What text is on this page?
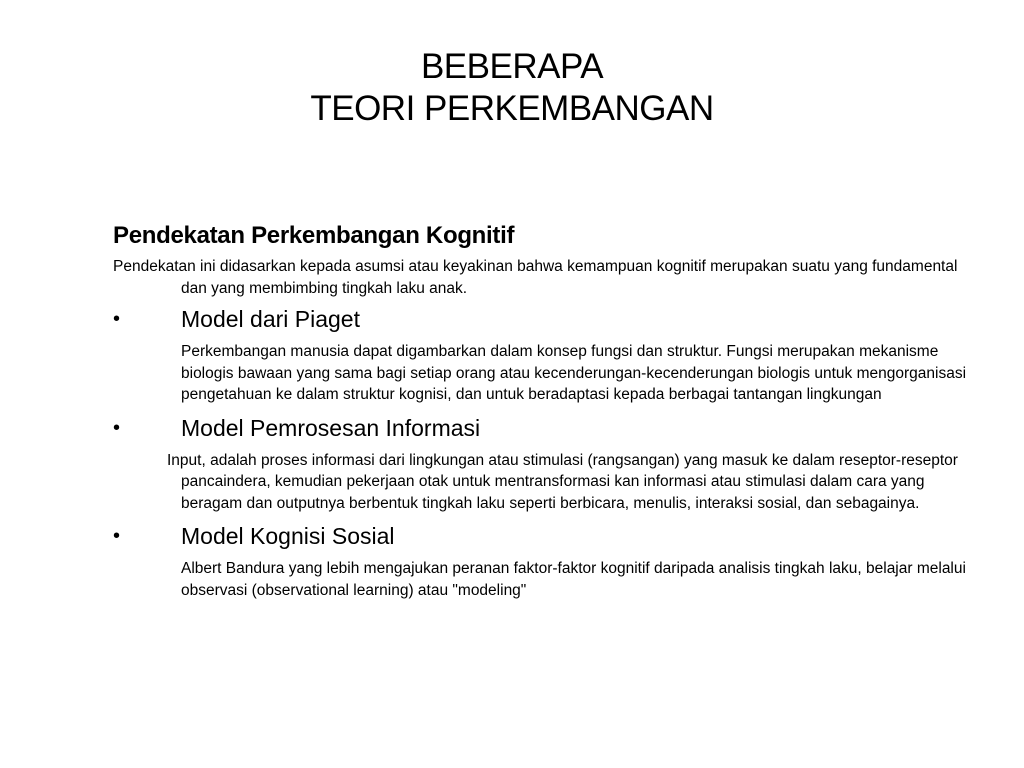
BEBERAPA
TEORI PERKEMBANGAN
Pendekatan Perkembangan Kognitif
Pendekatan ini didasarkan kepada asumsi atau keyakinan bahwa kemampuan kognitif merupakan suatu yang fundamental dan yang membimbing tingkah laku anak.
•	Model dari Piaget
Perkembangan manusia dapat digambarkan dalam konsep fungsi dan struktur. Fungsi merupakan mekanisme biologis bawaan yang sama bagi setiap orang atau kecenderungan-kecenderungan biologis untuk mengorganisasi pengetahuan ke dalam struktur kognisi, dan untuk beradaptasi kepada berbagai tantangan lingkungan
•	Model Pemrosesan Informasi
Input, adalah proses informasi dari lingkungan atau stimulasi (rangsangan) yang masuk ke dalam reseptor-reseptor pancaindera, kemudian pekerjaan otak untuk mentransformasi kan informasi atau stimulasi dalam cara yang beragam dan outputnya berbentuk tingkah laku seperti berbicara, menulis, interaksi sosial, dan sebagainya.
•	Model Kognisi Sosial
Albert Bandura yang lebih mengajukan peranan faktor-faktor kognitif daripada analisis tingkah laku, belajar melalui observasi (observational learning) atau "modeling"
